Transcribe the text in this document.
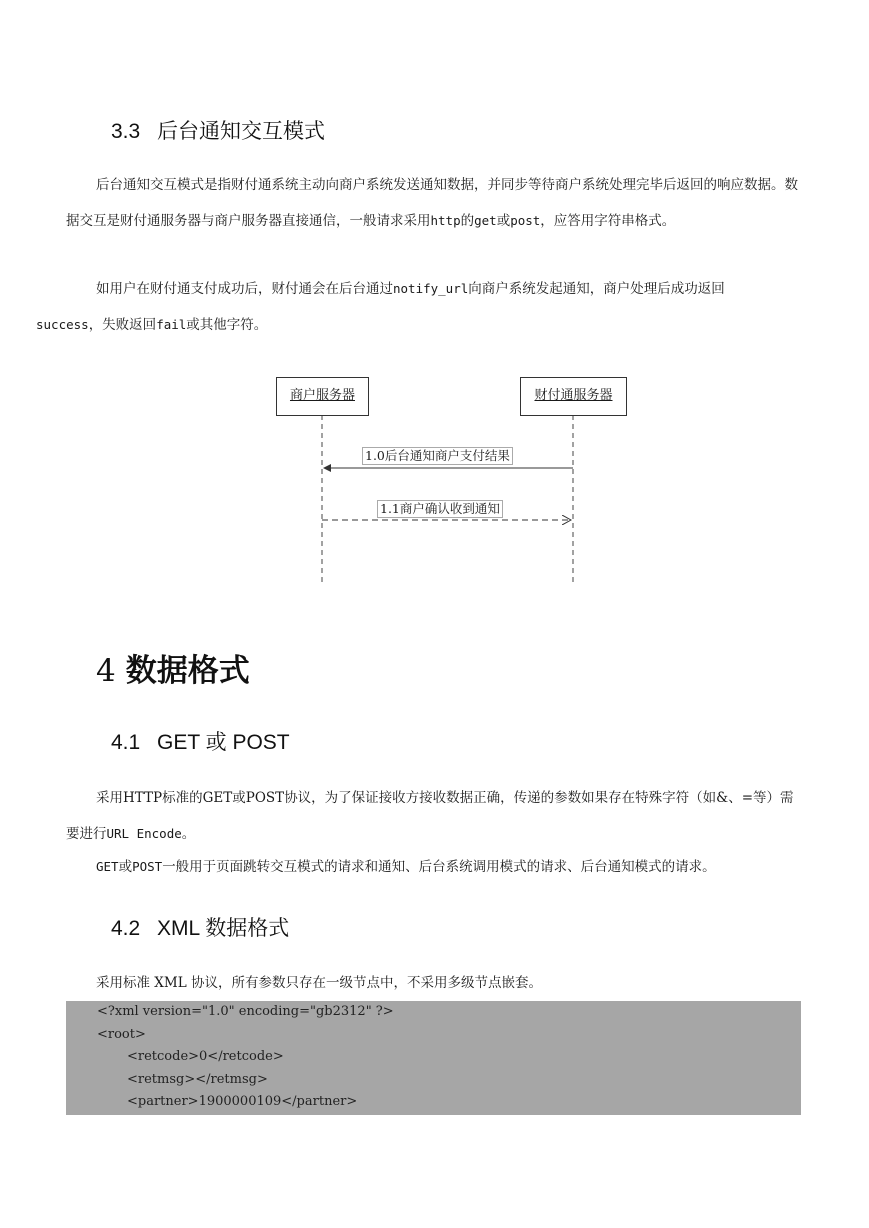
3.3 后台通知交互模式
后台通知交互模式是指财付通系统主动向商户系统发送通知数据，并同步等待商户系统处理完毕后返回的响应数据。数据交互是财付通服务器与商户服务器直接通信，一般请求采用http的get或post，应答用字符串格式。
如用户在财付通支付成功后，财付通会在后台通过notify_url向商户系统发起通知，商户处理后成功返回
success，失败返回fail或其他字符。
商户服务器	财付通服务器
1.0后台通知商户支付结果
1.1商户确认收到通知
4 数据格式
4.1 GET 或 POST
采用HTTP标准的GET或POST协议，为了保证接收方接收数据正确，传递的参数如果存在特殊字符（如&、=等）需要进行URL Encode。
GET或POST一般用于页面跳转交互模式的请求和通知、后台系统调用模式的请求、后台通知模式的请求。
4.2 XML 数据格式
采用标准 XML 协议，所有参数只存在一级节点中，不采用多级节点嵌套。
<?xml version="1.0" encoding="gb2312" ?>
<root>
<retcode>0</retcode>
<retmsg></retmsg>
<partner>1900000109</partner>
